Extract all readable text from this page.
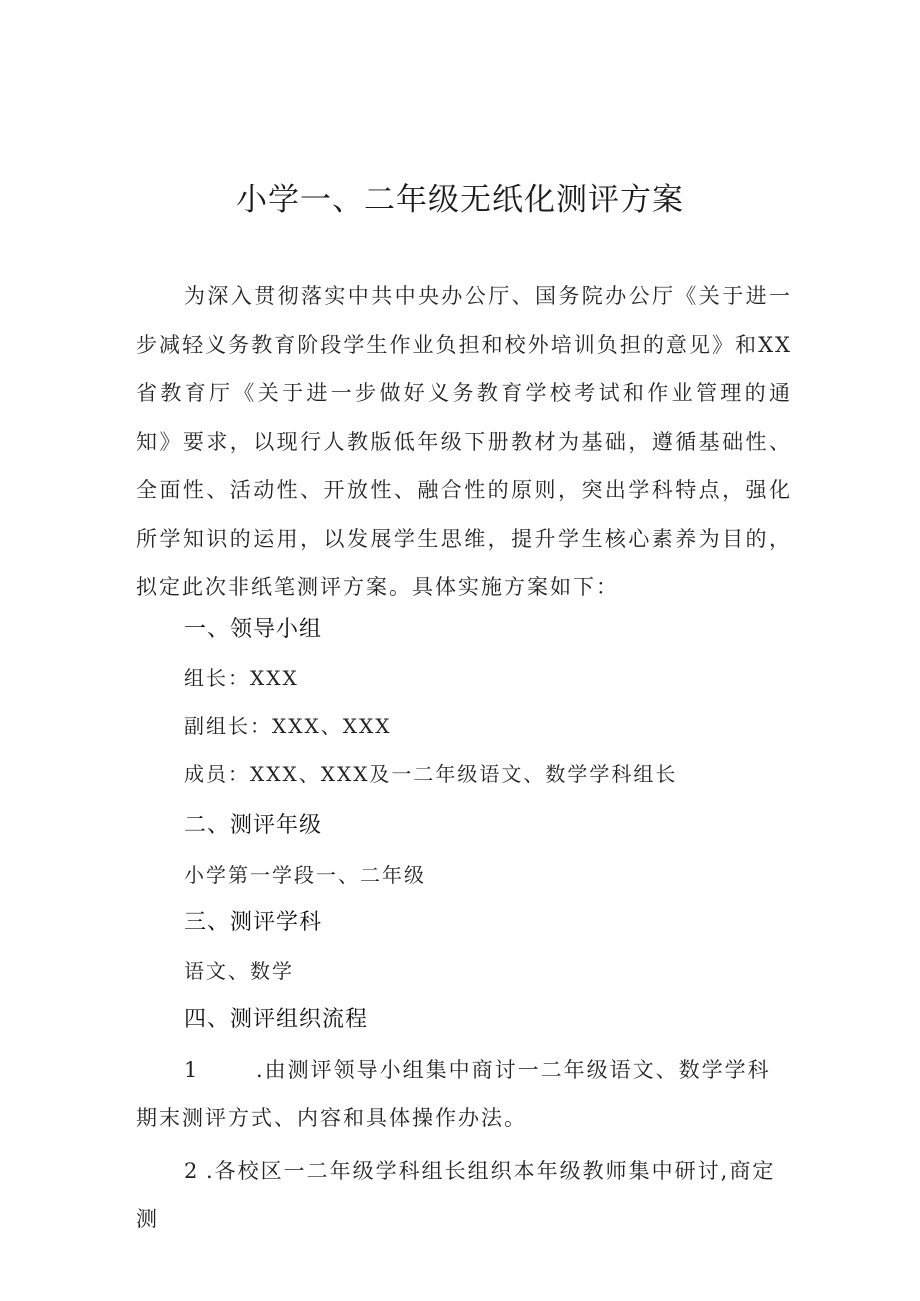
小学一、二年级无纸化测评方案

为深入贯彻落实中共中央办公厅、国务院办公厅《关于进一步减轻义务教育阶段学生作业负担和校外培训负担的意见》和XX省教育厅《关于进一步做好义务教育学校考试和作业管理的通知》要求，以现行人教版低年级下册教材为基础，遵循基础性、全面性、活动性、开放性、融合性的原则，突出学科特点，强化所学知识的运用，以发展学生思维，提升学生核心素养为目的，拟定此次非纸笔测评方案。具体实施方案如下：

一、领导小组

组长：XXX

副组长：XXX、XXX

成员：XXX、XXX及一二年级语文、数学学科组长

二、测评年级

小学第一学段一、二年级

三、测评学科

语文、数学

四、测评组织流程

1	.由测评领导小组集中商讨一二年级语文、数学学科期末测评方式、内容和具体操作办法。

2 .各校区一二年级学科组长组织本年级教师集中研讨,商定测
